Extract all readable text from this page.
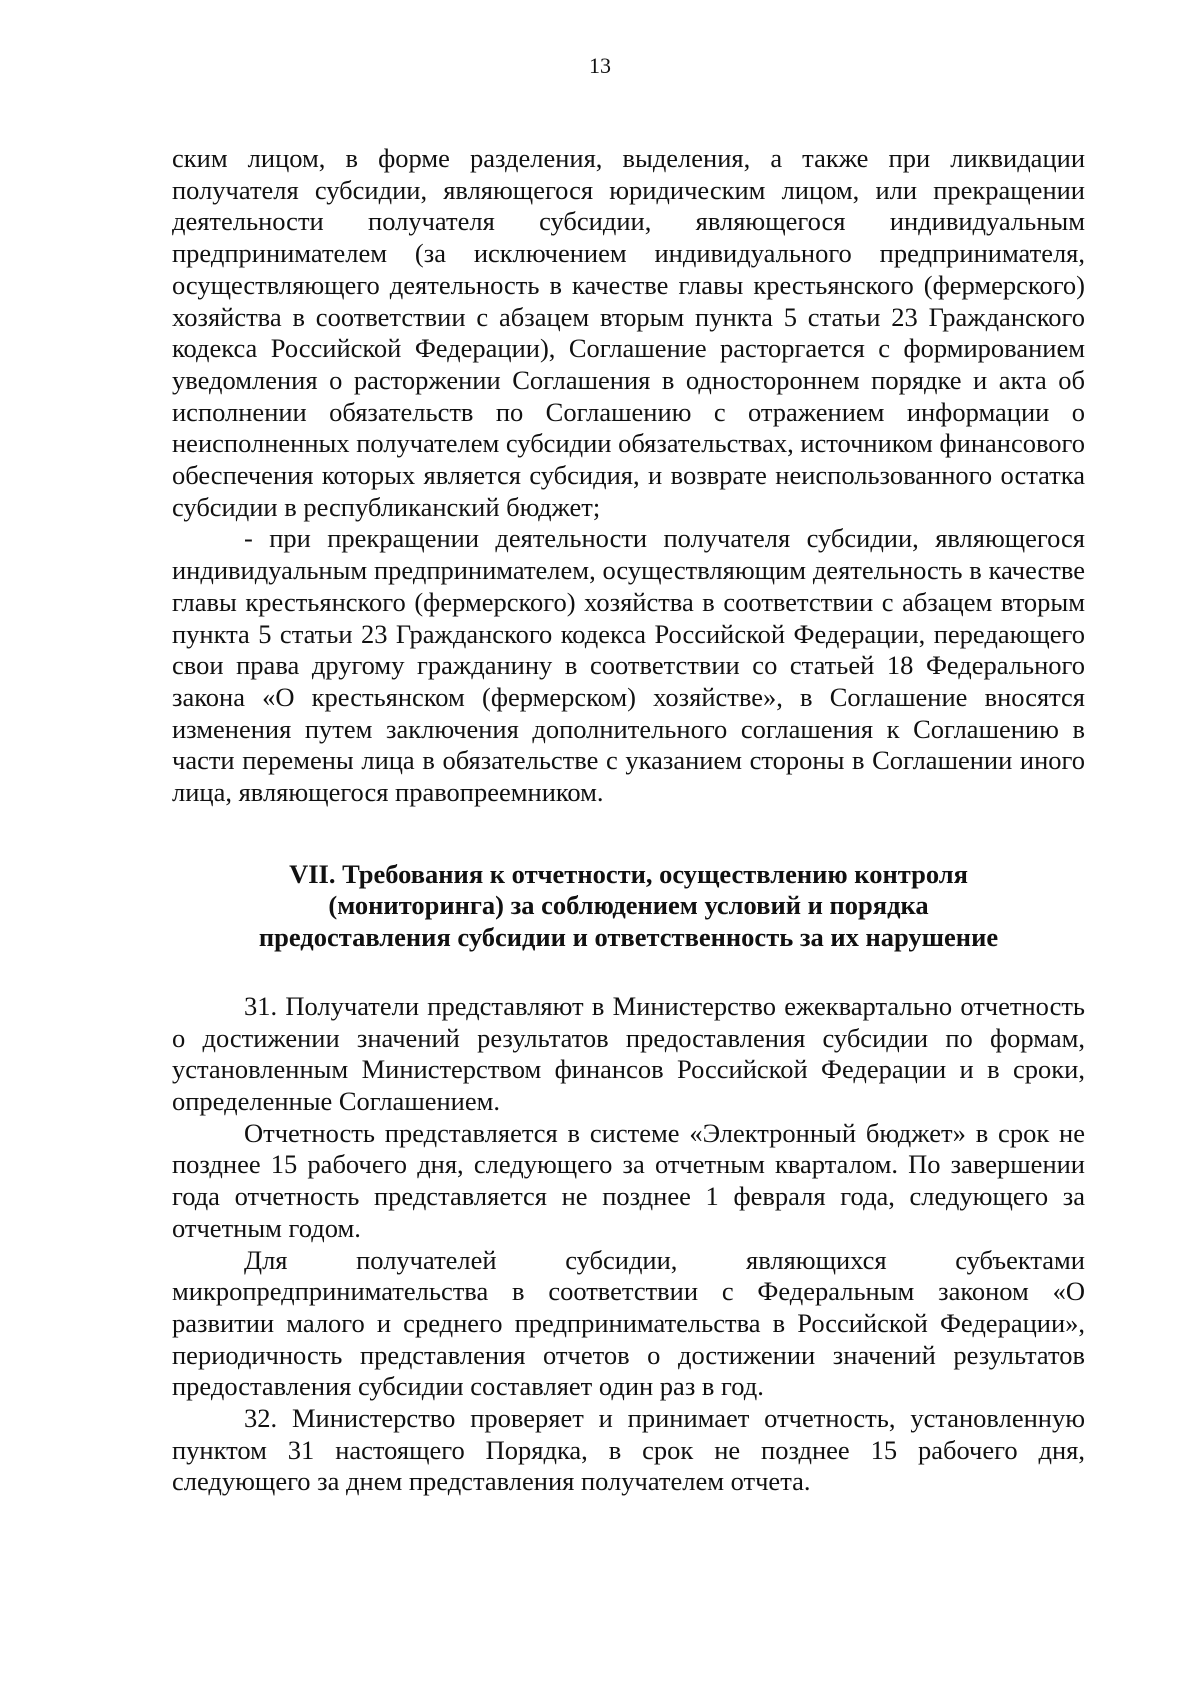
13

ским лицом, в форме разделения, выделения, а также при ликвидации получателя субсидии, являющегося юридическим лицом, или прекращении деятельности получателя субсидии, являющегося индивидуальным предпринимателем (за исключением индивидуального предпринимателя, осуществляющего деятельность в качестве главы крестьянского (фермерского) хозяйства в соответствии с абзацем вторым пункта 5 статьи 23 Гражданского кодекса Российской Федерации), Соглашение расторгается с формированием уведомления о расторжении Соглашения в одностороннем порядке и акта об исполнении обязательств по Соглашению с отражением информации о неисполненных получателем субсидии обязательствах, источником финансового обеспечения которых является субсидия, и возврате неиспользованного остатка субсидии в республиканский бюджет;

- при прекращении деятельности получателя субсидии, являющегося индивидуальным предпринимателем, осуществляющим деятельность в качестве главы крестьянского (фермерского) хозяйства в соответствии с абзацем вторым пункта 5 статьи 23 Гражданского кодекса Российской Федерации, передающего свои права другому гражданину в соответствии со статьей 18 Федерального закона «О крестьянском (фермерском) хозяйстве», в Соглашение вносятся изменения путем заключения дополнительного соглашения к Соглашению в части перемены лица в обязательстве с указанием стороны в Соглашении иного лица, являющегося правопреемником.

VII. Требования к отчетности, осуществлению контроля
(мониторинга) за соблюдением условий и порядка
предоставления субсидии и ответственность за их нарушение

31. Получатели представляют в Министерство ежеквартально отчетность о достижении значений результатов предоставления субсидии по формам, установленным Министерством финансов Российской Федерации и в сроки, определенные Соглашением.

Отчетность представляется в системе «Электронный бюджет» в срок не позднее 15 рабочего дня, следующего за отчетным кварталом. По завершении года отчетность представляется не позднее 1 февраля года, следующего за отчетным годом.

Для получателей субсидии, являющихся субъектами микропредпринимательства в соответствии с Федеральным законом «О развитии малого и среднего предпринимательства в Российской Федерации», периодичность представления отчетов о достижении значений результатов предоставления субсидии составляет один раз в год.

32. Министерство проверяет и принимает отчетность, установленную пунктом 31 настоящего Порядка, в срок не позднее 15 рабочего дня, следующего за днем представления получателем отчета.
